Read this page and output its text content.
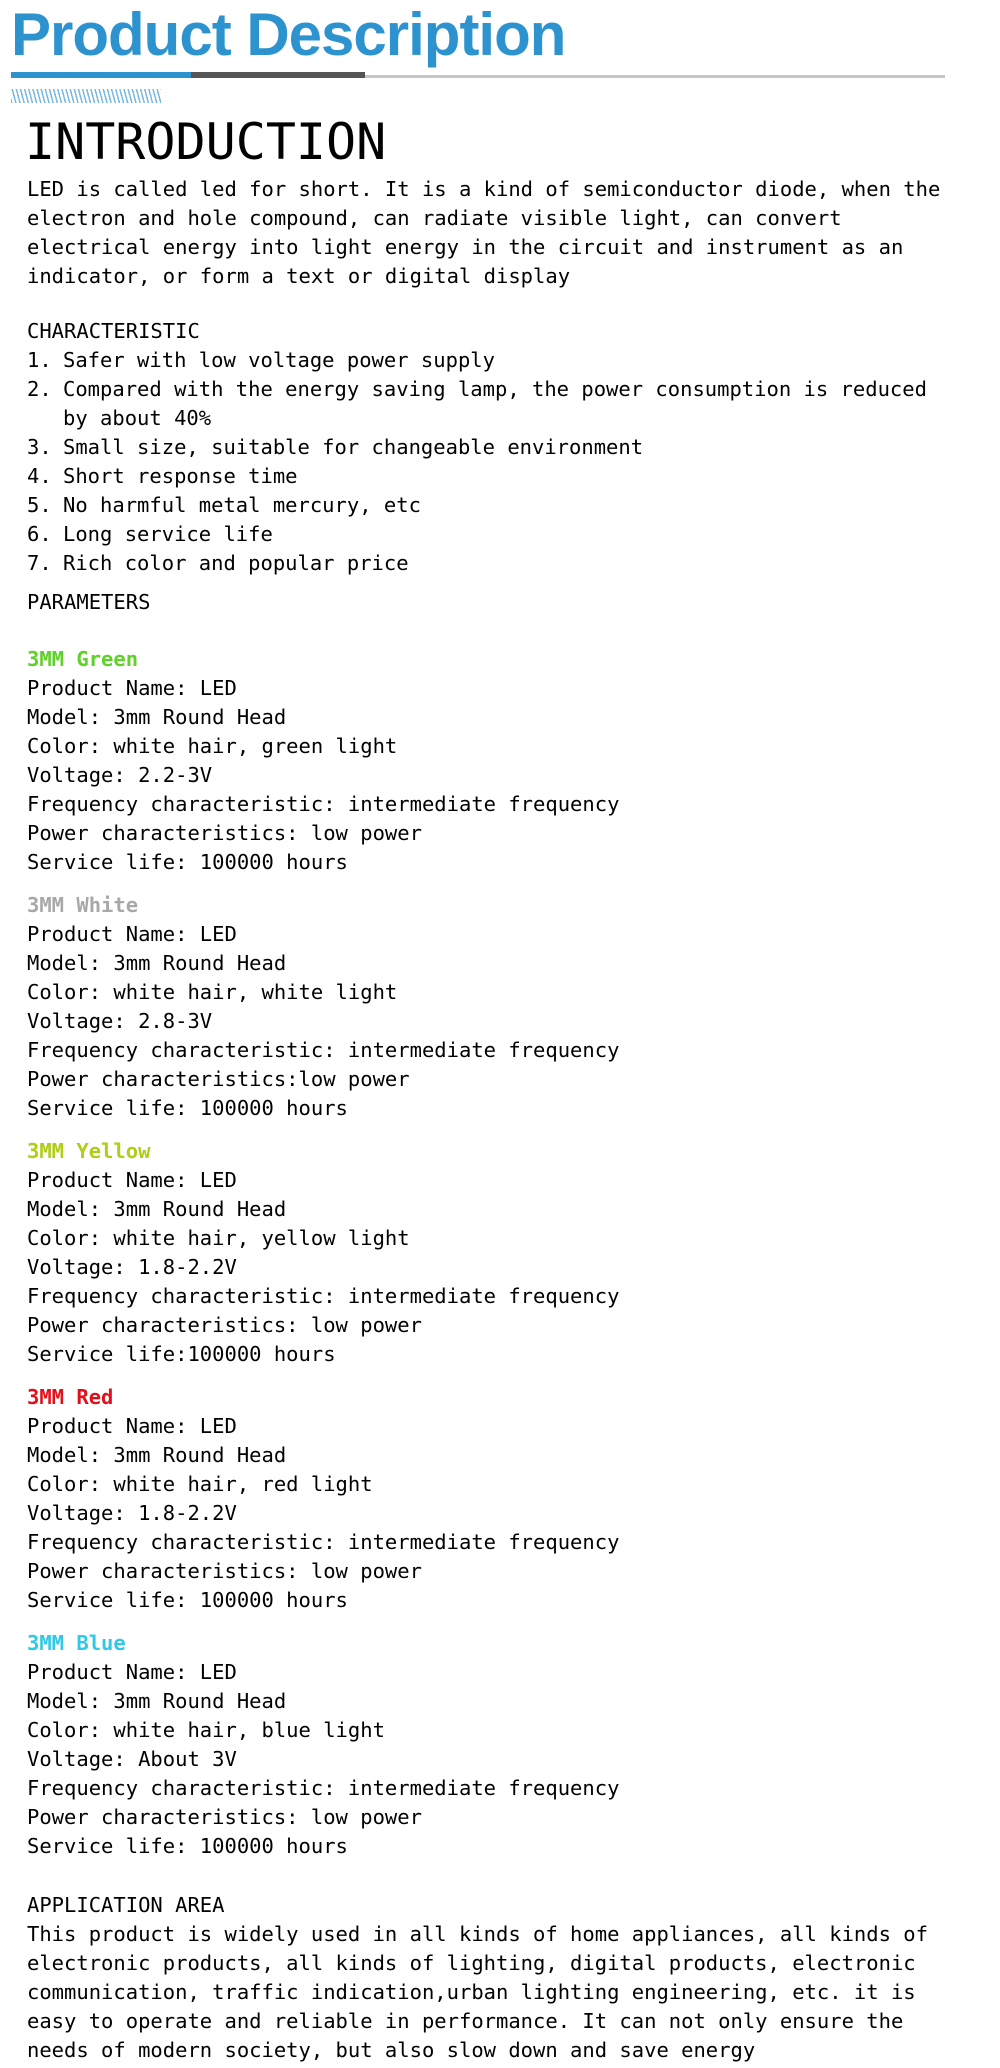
Product Description
INTRODUCTION

LED is called led for short. It is a kind of semiconductor diode, when the electron and hole compound, can radiate visible light, can convert electrical energy into light energy in the circuit and instrument as an indicator, or form a text or digital display

CHARACTERISTIC

1. Safer with low voltage power supply
2. Compared with the energy saving lamp, the power consumption is reduced by about 40%
3. Small size, suitable for changeable environment
4. Short response time
5. No harmful metal mercury, etc
6. Long service life
7. Rich color and popular price

PARAMETERS

3MM Green

Product Name: LED

Model: 3mm Round Head

Color: white hair, green light

Voltage: 2.2-3V

Frequency characteristic: intermediate frequency

Power characteristics: low power

Service life: 100000 hours

3MM White

Product Name: LED

Model: 3mm Round Head

Color: white hair, white light

Voltage: 2.8-3V

Frequency characteristic: intermediate frequency

Power characteristics:low power

Service life: 100000 hours

3MM Yellow

Product Name: LED

Model: 3mm Round Head

Color: white hair, yellow light

Voltage: 1.8-2.2V

Frequency characteristic: intermediate frequency

Power characteristics: low power

Service life:100000 hours

3MM Red

Product Name: LED

Model: 3mm Round Head

Color: white hair, red light

Voltage: 1.8-2.2V

Frequency characteristic: intermediate frequency

Power characteristics: low power

Service life: 100000 hours

3MM Blue

Product Name: LED

Model: 3mm Round Head

Color: white hair, blue light

Voltage: About 3V

Frequency characteristic: intermediate frequency

Power characteristics: low power

Service life: 100000 hours

APPLICATION AREA

This product is widely used in all kinds of home appliances, all kinds of electronic products, all kinds of lighting, digital products, electronic communication, traffic indication,urban lighting engineering, etc. it is easy to operate and reliable in performance. It can not only ensure the needs of modern society, but also slow down and save energy
